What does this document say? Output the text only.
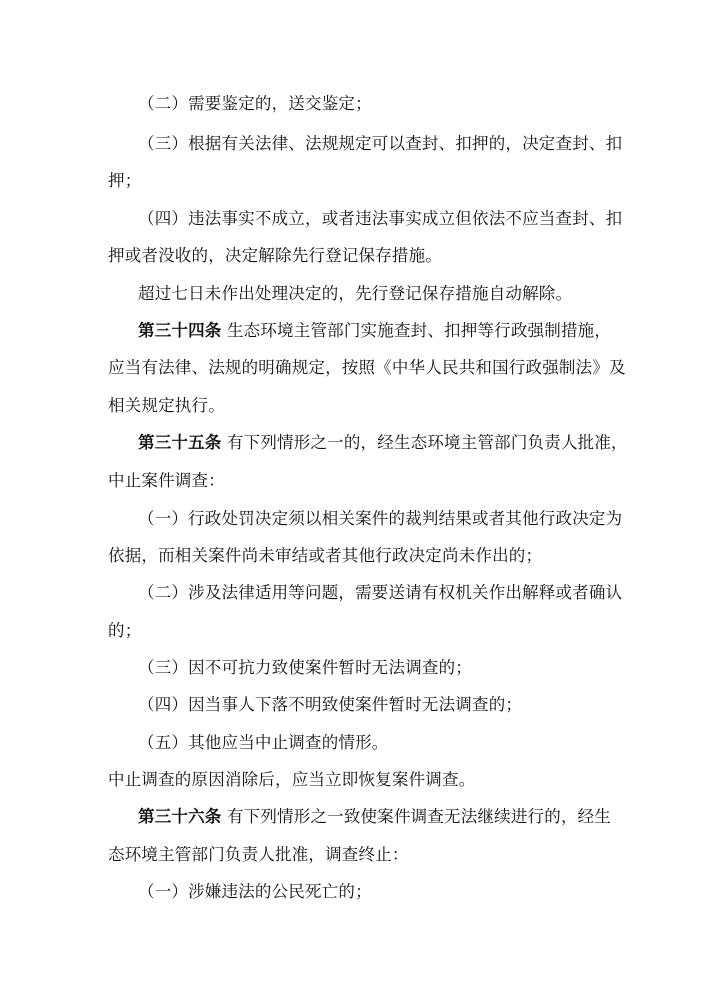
（二）需要鉴定的，送交鉴定；
（三）根据有关法律、法规规定可以查封、扣押的，决定查封、扣
押；
（四）违法事实不成立，或者违法事实成立但依法不应当查封、扣
押或者没收的，决定解除先行登记保存措施。
超过七日未作出处理决定的，先行登记保存措施自动解除。
第三十四条 生态环境主管部门实施查封、扣押等行政强制措施，
应当有法律、法规的明确规定，按照《中华人民共和国行政强制法》及
相关规定执行。
第三十五条 有下列情形之一的，经生态环境主管部门负责人批准，
中止案件调查：
（一）行政处罚决定须以相关案件的裁判结果或者其他行政决定为
依据，而相关案件尚未审结或者其他行政决定尚未作出的；
（二）涉及法律适用等问题，需要送请有权机关作出解释或者确认
的；
（三）因不可抗力致使案件暂时无法调查的；
（四）因当事人下落不明致使案件暂时无法调查的；
（五）其他应当中止调查的情形。
中止调查的原因消除后，应当立即恢复案件调查。
第三十六条 有下列情形之一致使案件调查无法继续进行的，经生
态环境主管部门负责人批准，调查终止：
（一）涉嫌违法的公民死亡的；
